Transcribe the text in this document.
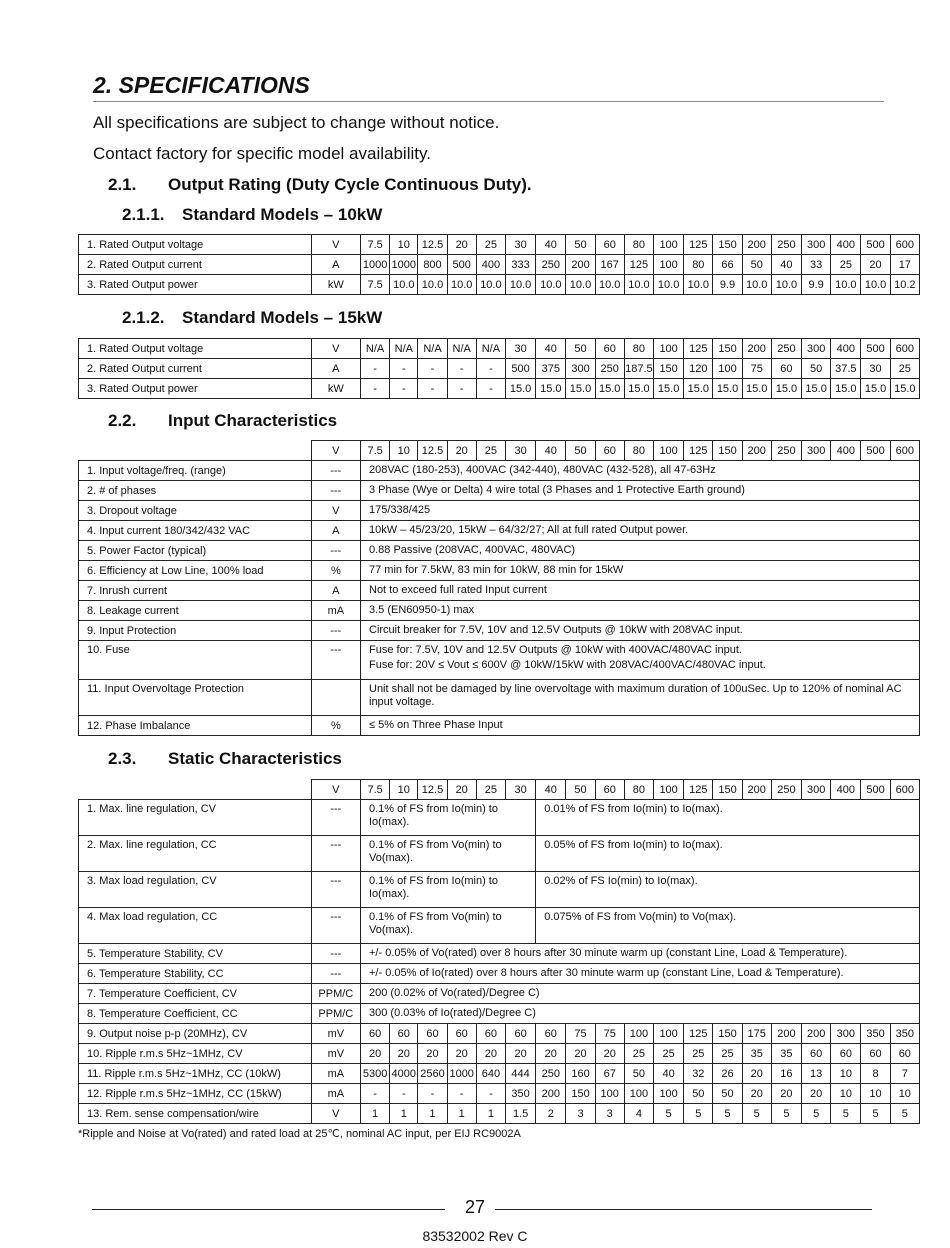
2. SPECIFICATIONS
All specifications are subject to change without notice.
Contact factory for specific model availability.
2.1. Output Rating (Duty Cycle Continuous Duty).
2.1.1. Standard Models – 10kW
1. Rated Output voltage	V	7.5	10	12.5	20	25	30	40	50	60	80	100	125	150	200	250	300	400	500	600
2. Rated Output current	A	1000	1000	800	500	400	333	250	200	167	125	100	80	66	50	40	33	25	20	17
3. Rated Output power	kW	7.5	10.0	10.0	10.0	10.0	10.0	10.0	10.0	10.0	10.0	10.0	10.0	9.9	10.0	10.0	9.9	10.0	10.0	10.2
2.1.2. Standard Models – 15kW
1. Rated Output voltage	V	N/A	N/A	N/A	N/A	N/A	30	40	50	60	80	100	125	150	200	250	300	400	500	600
2. Rated Output current	A	-	-	-	-	-	500	375	300	250	187.5	150	120	100	75	60	50	37.5	30	25
3. Rated Output power	kW	-	-	-	-	-	15.0	15.0	15.0	15.0	15.0	15.0	15.0	15.0	15.0	15.0	15.0	15.0	15.0	15.0
2.2. Input Characteristics
	V	7.5	10	12.5	20	25	30	40	50	60	80	100	125	150	200	250	300	400	500	600
1. Input voltage/freq. (range)	---	208VAC (180-253), 400VAC (342-440), 480VAC (432-528), all 47-63Hz																		
2. # of phases	---	3 Phase (Wye or Delta) 4 wire total (3 Phases and 1 Protective Earth ground)																		
3. Dropout voltage	V	175/338/425																		
4. Input current 180/342/432 VAC	A	10kW – 45/23/20, 15kW – 64/32/27; All at full rated Output power.																		
5. Power Factor (typical)	---	0.88 Passive (208VAC, 400VAC, 480VAC)																		
6. Efficiency at Low Line, 100% load	%	77 min for 7.5kW, 83 min for 10kW, 88 min for 15kW																		
7. Inrush current	A	Not to exceed full rated Input current																		
8. Leakage current	mA	3.5 (EN60950-1) max																		
9. Input Protection	---	Circuit breaker for 7.5V, 10V and 12.5V Outputs @ 10kW with 208VAC input.																		
10. Fuse	---	Fuse for: 7.5V, 10V and 12.5V Outputs @ 10kW with 400VAC/480VAC input.
Fuse for: 20V ≤ Vout ≤ 600V @ 10kW/15kW with 208VAC/400VAC/480VAC input.																		

11. Input Overvoltage Protection		Unit shall not be damaged by line overvoltage with maximum duration of 100uSec. Up to 120% of nominal AC input voltage.																		
12. Phase Imbalance	%	≤ 5% on Three Phase Input																		
2.3. Static Characteristics
	V	7.5	10	12.5	20	25	30	40	50	60	80	100	125	150	200	250	300	400	500	600
1. Max. line regulation, CV	---	0.1% of FS from Io(min) to Io(max).						0.01% of FS from Io(min) to Io(max).												
2. Max. line regulation, CC	---	0.1% of FS from Vo(min) to Vo(max).						0.05% of FS from Io(min) to Io(max).												
3. Max load regulation, CV	---	0.1% of FS from Io(min) to Io(max).						0.02% of FS Io(min) to Io(max).												
4. Max load regulation, CC	---	0.1% of FS from Vo(min) to Vo(max).						0.075% of FS from Vo(min) to Vo(max).												
5. Temperature Stability, CV	---	+/- 0.05% of Vo(rated) over 8 hours after 30 minute warm up (constant Line, Load & Temperature).																		
6. Temperature Stability, CC	---	+/- 0.05% of Io(rated) over 8 hours after 30 minute warm up (constant Line, Load & Temperature).																		
7. Temperature Coefficient, CV	PPM/C	200 (0.02% of Vo(rated)/Degree C)																		
8. Temperature Coefficient, CC	PPM/C	300 (0.03% of Io(rated)/Degree C)																		
9. Output noise p-p (20MHz), CV	mV	60	60	60	60	60	60	60	75	75	100	100	125	150	175	200	200	300	350	350
10. Ripple r.m.s 5Hz~1MHz, CV	mV	20	20	20	20	20	20	20	20	20	25	25	25	25	35	35	60	60	60	60
11. Ripple r.m.s 5Hz~1MHz, CC (10kW)	mA	5300	4000	2560	1000	640	444	250	160	67	50	40	32	26	20	16	13	10	8	7
12. Ripple r.m.s 5Hz~1MHz, CC (15kW)	mA	-	-	-	-	-	350	200	150	100	100	100	50	50	20	20	20	10	10	10
13. Rem. sense compensation/wire	V	1	1	1	1	1	1.5	2	3	3	4	5	5	5	5	5	5	5	5	5
*Ripple and Noise at Vo(rated) and rated load at 25℃, nominal AC input, per EIJ RC9002A
27
83532002 Rev C
